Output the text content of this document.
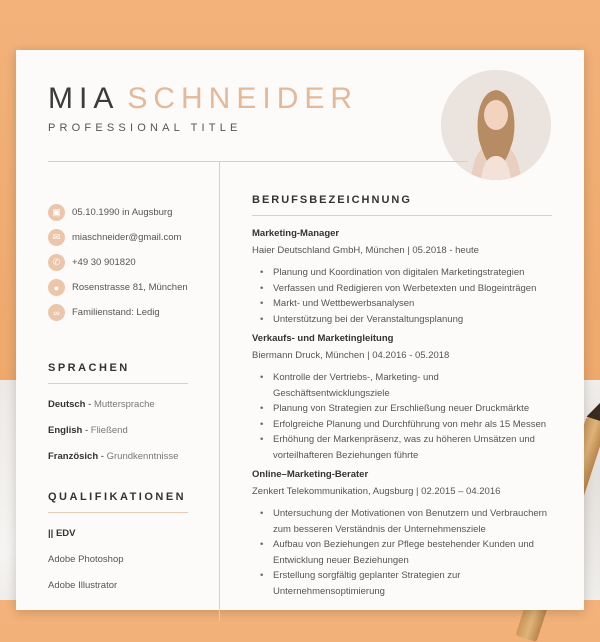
MIA SCHNEIDER
PROFESSIONAL TITLE
▣	05.10.1990 in Augsburg
✉	miaschneider@gmail.com
✆	+49 30 901820
●	Rosenstrasse 81, München
∞	Familienstand: Ledig
SPRACHEN
Deutsch - Muttersprache
English - Fließend
Französich - Grundkenntnisse
QUALIFIKATIONEN
|| EDV
Adobe Photoshop
Adobe Illustrator
BERUFSBEZEICHNUNG
Marketing-Manager
Haier Deutschland GmbH, München | 05.2018 - heute
• Planung und Koordination von digitalen Marketingstrategien
• Verfassen und Redigieren von Werbetexten und Blogeinträgen
• Markt- und Wettbewerbsanalysen
• Unterstützung bei der Veranstaltungsplanung
Verkaufs- und Marketingleitung
Biermann Druck, München | 04.2016 - 05.2018
• Kontrolle der Vertriebs-, Marketing- und Geschäftsentwicklungsziele
• Planung von Strategien zur Erschließung neuer Druckmärkte
• Erfolgreiche Planung und Durchführung von mehr als 15 Messen
• Erhöhung der Markenpräsenz, was zu höheren Umsätzen und vorteilhafteren Beziehungen führte
Online–Marketing-Berater
Zenkert Telekommunikation, Augsburg | 02.2015 – 04.2016
• Untersuchung der Motivationen von Benutzern und Verbrauchern zum besseren Verständnis der Unternehmensziele
• Aufbau von Beziehungen zur Pflege bestehender Kunden und Entwicklung neuer Beziehungen
• Erstellung sorgfältig geplanter Strategien zur Unternehmensoptimierung
